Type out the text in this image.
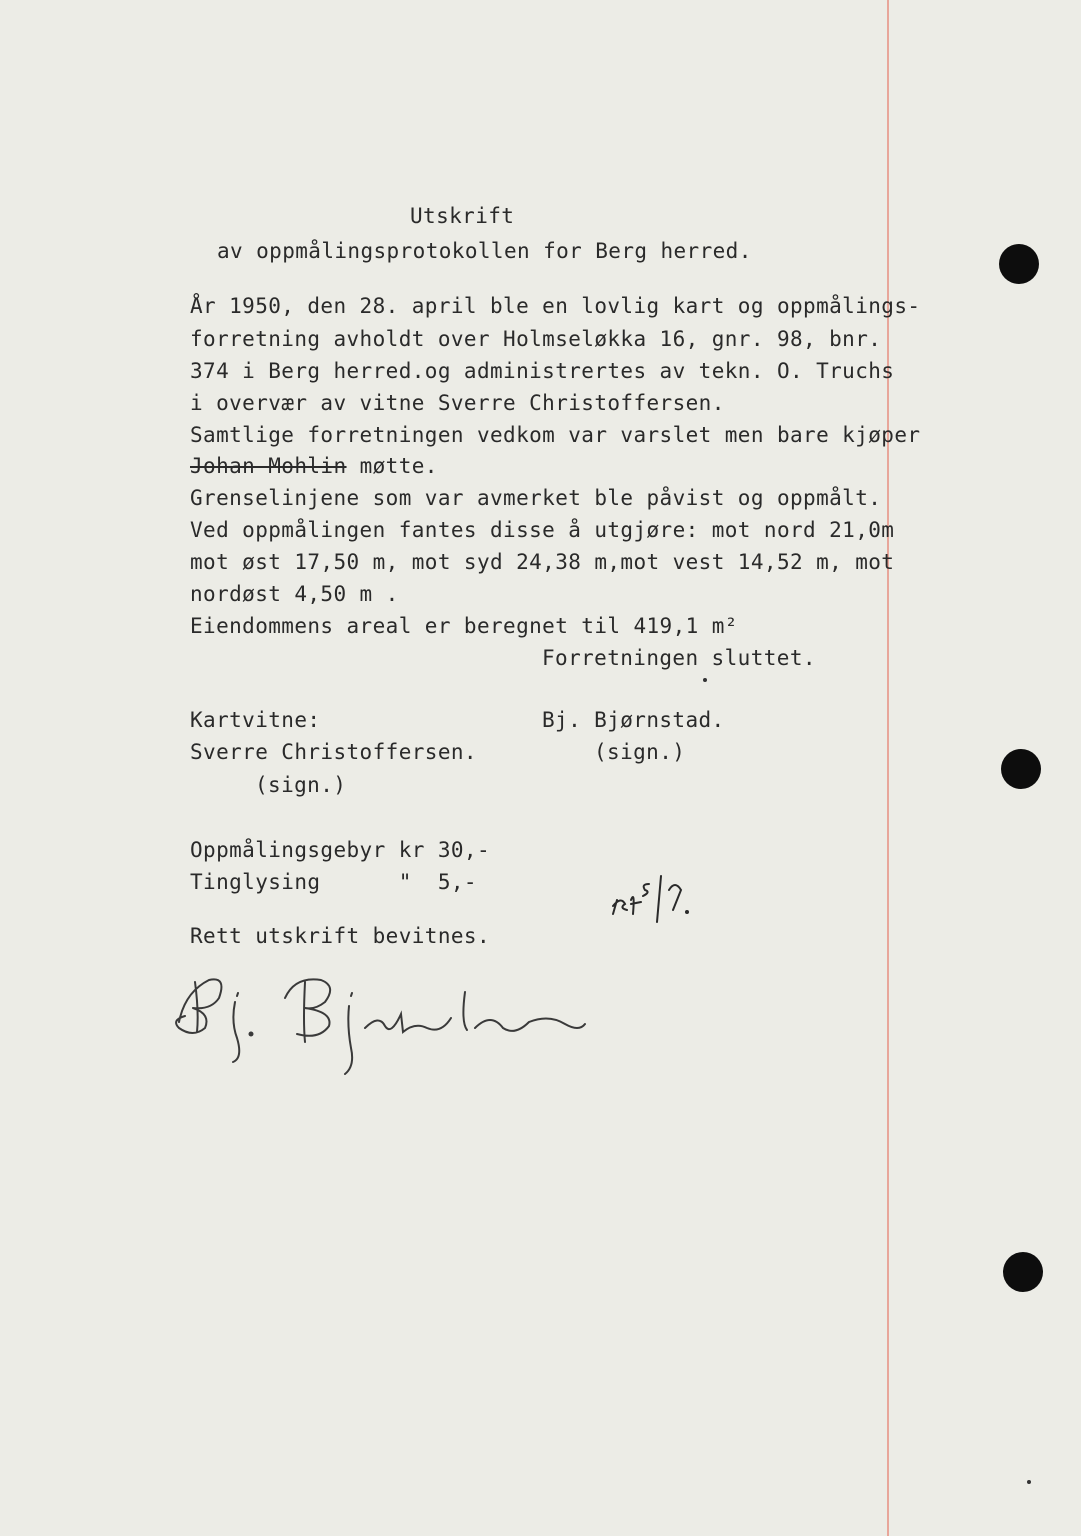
Utskrift
av oppmålingsprotokollen for Berg herred.
År 1950, den 28. april ble en lovlig kart og oppmålings-
forretning avholdt over Holmseløkka 16, gnr. 98, bnr.
374 i Berg herred.og administrertes av tekn. O. Truchs
i overvær av vitne Sverre Christoffersen.
Samtlige forretningen vedkom var varslet men bare kjøper
Johan Mohlin møtte.
Grenselinjene som var avmerket ble påvist og oppmålt.
Ved oppmålingen fantes disse å utgjøre: mot nord 21,0m
mot øst 17,50 m, mot syd 24,38 m,mot vest 14,52 m, mot
nordøst 4,50 m .
Eiendommens areal er beregnet til 419,1 m²
Forretningen sluttet.
Kartvitne:
Sverre Christoffersen.
(sign.)
Bj. Bjørnstad.
(sign.)
Oppmålingsgebyr kr 30,-
Tinglysing      "  5,-
Rett utskrift bevitnes.
